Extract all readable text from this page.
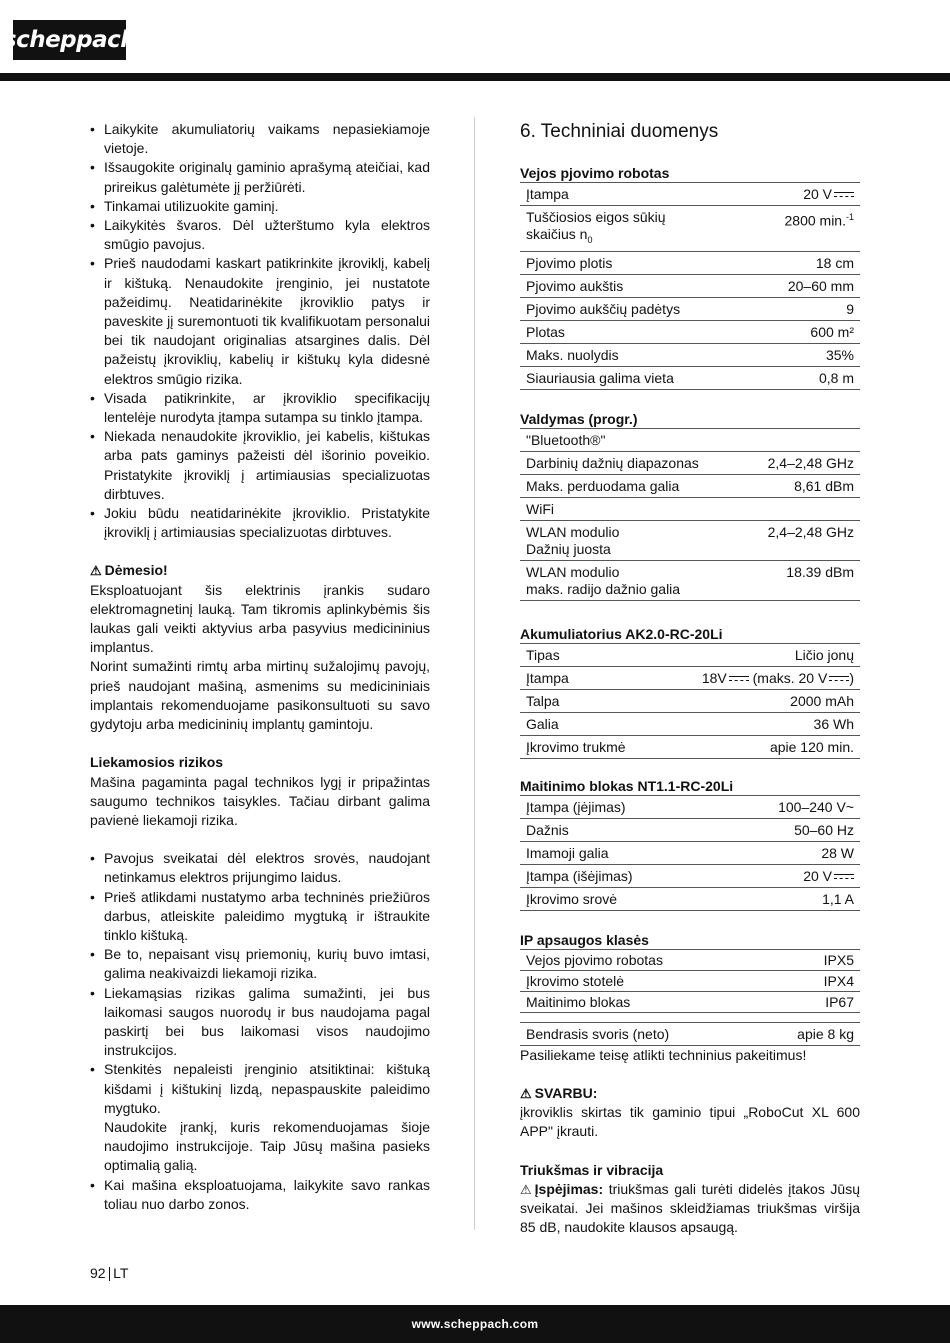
scheppach
• Laikykite akumuliatorių vaikams nepasiekiamoje vietoje.
• Išsaugokite originalų gaminio aprašymą ateičiai, kad prireikus galėtumėte jį peržiūrėti.
• Tinkamai utilizuokite gaminį.
• Laikykitės švaros. Dėl užterštumo kyla elektros smūgio pavojus.
• Prieš naudodami kaskart patikrinkite įkroviklį, kabelį ir kištuką. Nenaudokite įrenginio, jei nustatote pažeidimų. Neatidarinėkite įkroviklio patys ir paveskite jį suremontuoti tik kvalifikuotam personalui bei tik naudojant originalias atsargines dalis. Dėl pažeistų įkroviklių, kabelių ir kištukų kyla didesnė elektros smūgio rizika.
• Visada patikrinkite, ar įkroviklio specifikacijų lentelėje nurodyta įtampa sutampa su tinklo įtampa.
• Niekada nenaudokite įkroviklio, jei kabelis, kištukas arba pats gaminys pažeisti dėl išorinio poveikio. Pristatykite įkroviklį į artimiausias specializuotas dirbtuves.
• Jokiu būdu neatidarinėkite įkroviklio. Pristatykite įkroviklį į artimiausias specializuotas dirbtuves.

⚠ Dėmesio!

Eksploatuojant šis elektrinis įrankis sudaro elektromagnetinį lauką. Tam tikromis aplinkybėmis šis laukas gali veikti aktyvius arba pasyvius medicininius implantus.

Norint sumažinti rimtų arba mirtinų sužalojimų pavojų, prieš naudojant mašiną, asmenims su medicininiais implantais rekomenduojame pasikonsultuoti su savo gydytoju arba medicininių implantų gamintoju.

Liekamosios rizikos

Mašina pagaminta pagal technikos lygį ir pripažintas saugumo technikos taisykles. Tačiau dirbant galima pavienė liekamoji rizika.

• Pavojus sveikatai dėl elektros srovės, naudojant netinkamus elektros prijungimo laidus.
• Prieš atlikdami nustatymo arba techninės priežiūros darbus, atleiskite paleidimo mygtuką ir ištraukite tinklo kištuką.
• Be to, nepaisant visų priemonių, kurių buvo imtasi, galima neakivaizdi liekamoji rizika.
• Liekamąsias rizikas galima sumažinti, jei bus laikomasi saugos nuorodų ir bus naudojama pagal paskirtį bei bus laikomasi visos naudojimo instrukcijos.
• Stenkitės nepaleisti įrenginio atsitiktinai: kištuką kišdami į kištukinį lizdą, nepaspauskite paleidimo mygtuko.
Naudokite įrankį, kuris rekomenduojamas šioje naudojimo instrukcijoje. Taip Jūsų mašina pasieks optimalią galią.
• Kai mašina eksploatuojama, laikykite savo rankas toliau nuo darbo zonos.
6. Techniniai duomenys
Vejos pjovimo robotas
Įtampa	20 V
Tuščiosios eigos sūkių
skaičius $n_0$	2800 min.$^{-1}$
Pjovimo plotis	18 cm
Pjovimo aukštis	20–60 mm
Pjovimo aukščių padėtys	9
Plotas	600 m²
Maks. nuolydis	35%
Siauriausia galima vieta	0,8 m
Valdymas (progr.)
"Bluetooth®"	
Darbinių dažnių diapazonas	2,4–2,48 GHz
Maks. perduodama galia	8,61 dBm
WiFi	
WLAN modulio
Dažnių juosta	2,4–2,48 GHz
WLAN modulio
maks. radijo dažnio galia	18.39 dBm
Akumuliatorius AK2.0-RC-20Li
Tipas	Ličio jonų
Įtampa	18V (maks. 20 V )
Talpa	2000 mAh
Galia	36 Wh
Įkrovimo trukmė	apie 120 min.
Maitinimo blokas NT1.1-RC-20Li
Įtampa (įėjimas)	100–240 V~
Dažnis	50–60 Hz
Imamoji galia	28 W
Įtampa (išėjimas)	20 V
Įkrovimo srovė	1,1 A
IP apsaugos klasės
Vejos pjovimo robotas	IPX5
Įkrovimo stotelė	IPX4
Maitinimo blokas	IP67
Bendrasis svoris (neto)	apie 8 kg

Pasiliekame teisę atlikti techninius pakeitimus!

⚠ SVARBU:

įkroviklis skirtas tik gaminio tipui „RoboCut XL 600 APP" įkrauti.

Triukšmas ir vibracija

⚠ Įspėjimas: triukšmas gali turėti didelės įtakos Jūsų sveikatai. Jei mašinos skleidžiamas triukšmas viršija 85 dB, naudokite klausos apsaugą.

92 LT
www.scheppach.com
